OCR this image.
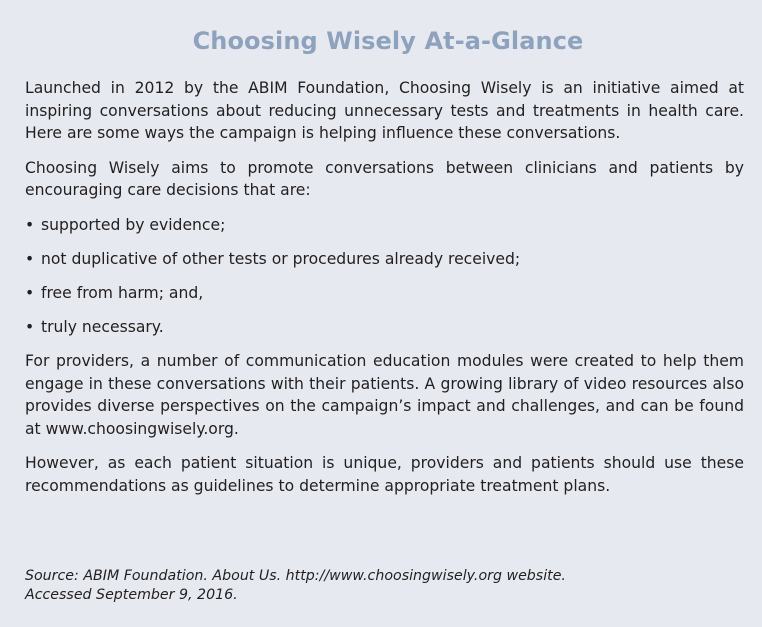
Choosing Wisely At-a-Glance

Launched in 2012 by the ABIM Foundation, Choosing Wisely is an initiative aimed at inspiring conversations about reducing unnecessary tests and treatments in health care. Here are some ways the campaign is helping influence these conversations.

Choosing Wisely aims to promote conversations between clinicians and patients by encouraging care decisions that are:

• supported by evidence;
• not duplicative of other tests or procedures already received;
• free from harm; and,
• truly necessary.

For providers, a number of communication education modules were created to help them engage in these conversations with their patients. A growing library of video resources also provides diverse perspectives on the campaign’s impact and challenges, and can be found at www.choosingwisely.org.

However, as each patient situation is unique, providers and patients should use these recommendations as guidelines to determine appropriate treatment plans.

Source: ABIM Foundation. About Us. http://www.choosingwisely.org website.
Accessed September 9, 2016.
